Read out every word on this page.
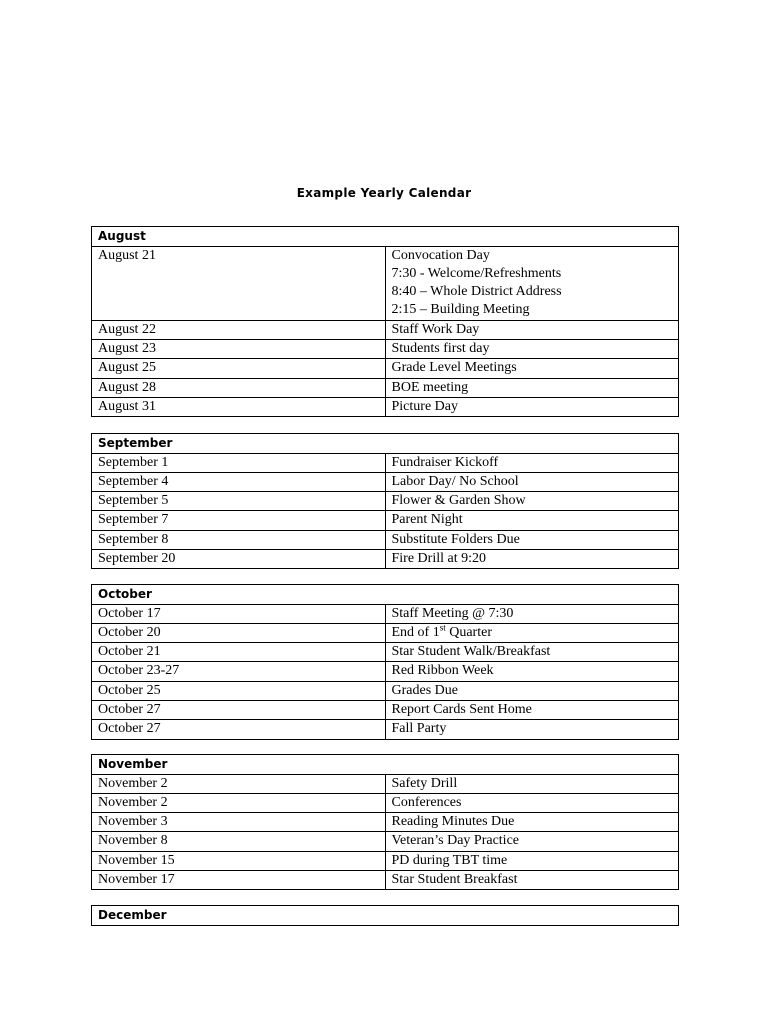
Example Yearly Calendar
August	
August 21	Convocation Day
7:30 - Welcome/Refreshments
8:40 – Whole District Address
2:15 – Building Meeting

August 22	Staff Work Day
August 23	Students first day
August 25	Grade Level Meetings
August 28	BOE meeting
August 31	Picture Day
September	
September 1	Fundraiser Kickoff
September 4	Labor Day/ No School
September 5	Flower & Garden Show
September 7	Parent Night
September 8	Substitute Folders Due
September 20	Fire Drill at 9:20
October	
October 17	Staff Meeting @ 7:30
October 20	End of 1st Quarter
October 21	Star Student Walk/Breakfast
October 23-27	Red Ribbon Week
October 25	Grades Due
October 27	Report Cards Sent Home
October 27	Fall Party
November	
November 2	Safety Drill
November 2	Conferences
November 3	Reading Minutes Due
November 8	Veteran’s Day Practice
November 15	PD during TBT time
November 17	Star Student Breakfast
December
